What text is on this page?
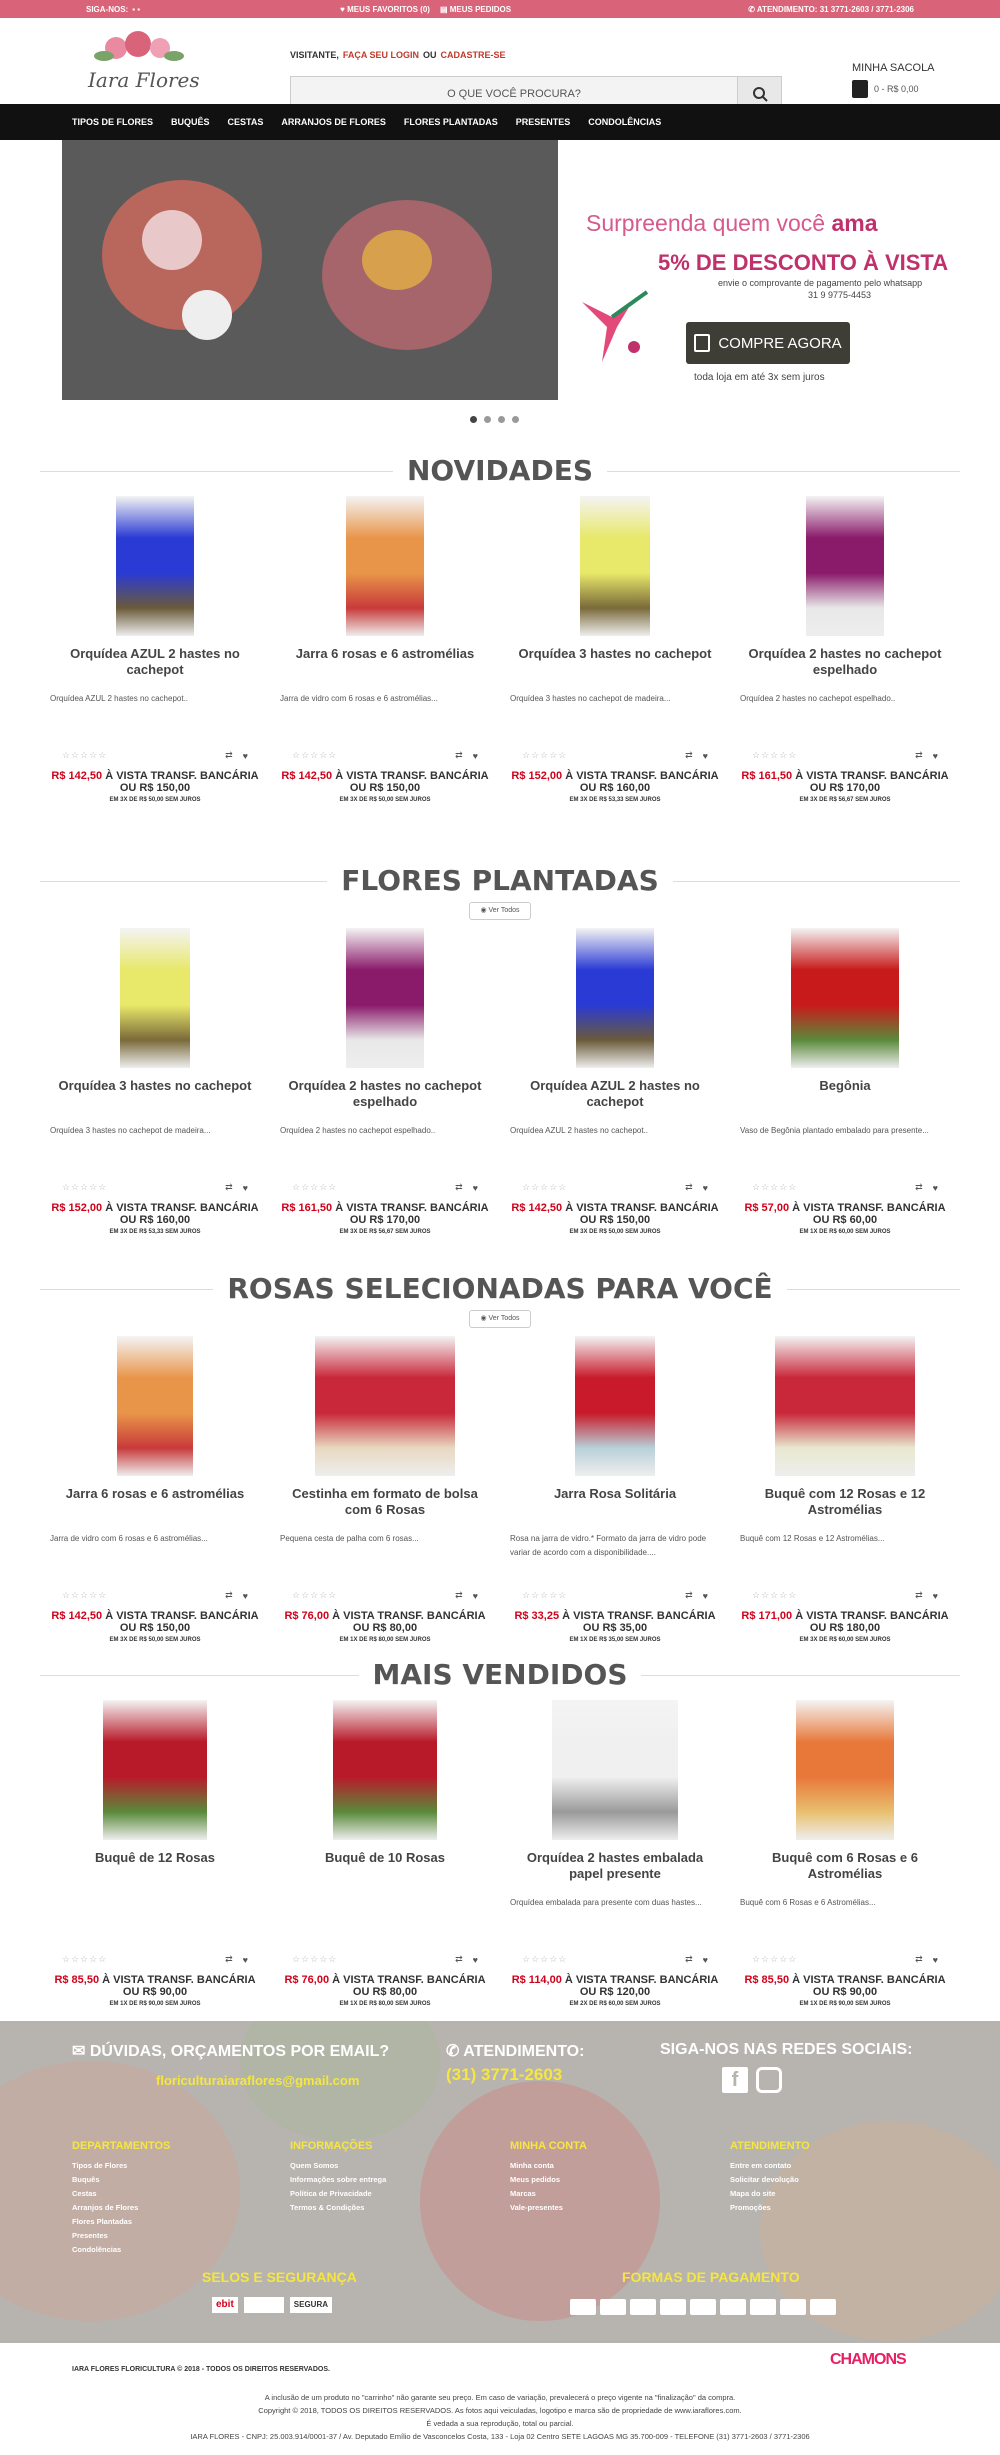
SIGA-NOS: ▪ ▪	♥ MEUS FAVORITOS (0) ▤ MEUS PEDIDOS	✆ ATENDIMENTO: 31 3771-2603 / 3771-2306
Iara Flores
VISITANTE, FAÇA SEU LOGIN OU CADASTRE-SE
O QUE VOCÊ PROCURA?
MINHA SACOLA
0 - R$ 0,00
TIPOS DE FLORES BUQUÊS CESTAS ARRANJOS DE FLORES FLORES PLANTADAS PRESENTES CONDOLÊNCIAS
Surpreenda quem você ama
5% DE DESCONTO À VISTA
envie o comprovante de pagamento pelo whatsapp
31 9 9775-4453
COMPRE AGORA
toda loja em até 3x sem juros
NOVIDADES
Orquídea AZUL 2 hastes no cachepot
Orquídea AZUL 2 hastes no cachepot..
☆☆☆☆☆	⇄ ♥
R$ 142,50 À VISTA TRANSF. BANCÁRIA
OU R$ 150,00
EM 3X DE R$ 50,00 SEM JUROS
Jarra 6 rosas e 6 astromélias
Jarra de vidro com 6 rosas e 6 astromélias...
☆☆☆☆☆	⇄ ♥
R$ 142,50 À VISTA TRANSF. BANCÁRIA
OU R$ 150,00
EM 3X DE R$ 50,00 SEM JUROS
Orquídea 3 hastes no cachepot
Orquídea 3 hastes no cachepot de madeira...
☆☆☆☆☆	⇄ ♥
R$ 152,00 À VISTA TRANSF. BANCÁRIA
OU R$ 160,00
EM 3X DE R$ 53,33 SEM JUROS
Orquídea 2 hastes no cachepot espelhado
Orquídea 2 hastes no cachepot espelhado..
☆☆☆☆☆	⇄ ♥
R$ 161,50 À VISTA TRANSF. BANCÁRIA
OU R$ 170,00
EM 3X DE R$ 56,67 SEM JUROS
FLORES PLANTADAS
◉ Ver Todos
Orquídea 3 hastes no cachepot
Orquídea 3 hastes no cachepot de madeira...
☆☆☆☆☆	⇄ ♥
R$ 152,00 À VISTA TRANSF. BANCÁRIA
OU R$ 160,00
EM 3X DE R$ 53,33 SEM JUROS
Orquídea 2 hastes no cachepot espelhado
Orquídea 2 hastes no cachepot espelhado..
☆☆☆☆☆	⇄ ♥
R$ 161,50 À VISTA TRANSF. BANCÁRIA
OU R$ 170,00
EM 3X DE R$ 56,67 SEM JUROS
Orquídea AZUL 2 hastes no cachepot
Orquídea AZUL 2 hastes no cachepot..
☆☆☆☆☆	⇄ ♥
R$ 142,50 À VISTA TRANSF. BANCÁRIA
OU R$ 150,00
EM 3X DE R$ 50,00 SEM JUROS
Begônia
Vaso de Begônia plantado embalado para presente...
☆☆☆☆☆	⇄ ♥
R$ 57,00 À VISTA TRANSF. BANCÁRIA
OU R$ 60,00
EM 1X DE R$ 60,00 SEM JUROS
ROSAS SELECIONADAS PARA VOCÊ
◉ Ver Todos
Jarra 6 rosas e 6 astromélias
Jarra de vidro com 6 rosas e 6 astromélias...
☆☆☆☆☆	⇄ ♥
R$ 142,50 À VISTA TRANSF. BANCÁRIA
OU R$ 150,00
EM 3X DE R$ 50,00 SEM JUROS
Cestinha em formato de bolsa com 6 Rosas
Pequena cesta de palha com 6 rosas...
☆☆☆☆☆	⇄ ♥
R$ 76,00 À VISTA TRANSF. BANCÁRIA
OU R$ 80,00
EM 1X DE R$ 80,00 SEM JUROS
Jarra Rosa Solitária
Rosa na jarra de vidro.* Formato da jarra de vidro pode variar de acordo com a disponibilidade....
☆☆☆☆☆	⇄ ♥
R$ 33,25 À VISTA TRANSF. BANCÁRIA
OU R$ 35,00
EM 1X DE R$ 35,00 SEM JUROS
Buquê com 12 Rosas e 12 Astromélias
Buquê com 12 Rosas e 12 Astromélias...
☆☆☆☆☆	⇄ ♥
R$ 171,00 À VISTA TRANSF. BANCÁRIA
OU R$ 180,00
EM 3X DE R$ 60,00 SEM JUROS
MAIS VENDIDOS
Buquê de 12 Rosas
☆☆☆☆☆	⇄ ♥
R$ 85,50 À VISTA TRANSF. BANCÁRIA
OU R$ 90,00
EM 1X DE R$ 90,00 SEM JUROS
Buquê de 10 Rosas
☆☆☆☆☆	⇄ ♥
R$ 76,00 À VISTA TRANSF. BANCÁRIA
OU R$ 80,00
EM 1X DE R$ 80,00 SEM JUROS
Orquídea 2 hastes embalada papel presente
Orquídea embalada para presente com duas hastes...
☆☆☆☆☆	⇄ ♥
R$ 114,00 À VISTA TRANSF. BANCÁRIA
OU R$ 120,00
EM 2X DE R$ 60,00 SEM JUROS
Buquê com 6 Rosas e 6 Astromélias
Buquê com 6 Rosas e 6 Astromélias...
☆☆☆☆☆	⇄ ♥
R$ 85,50 À VISTA TRANSF. BANCÁRIA
OU R$ 90,00
EM 1X DE R$ 90,00 SEM JUROS
✉ DÚVIDAS, ORÇAMENTOS POR EMAIL?
floriculturaiaraflores@gmail.com
✆ ATENDIMENTO:
(31) 3771-2603
SIGA-NOS NAS REDES SOCIAIS:
f
DEPARTAMENTOS
Tipos de Flores
Buquês
Cestas
Arranjos de Flores
Flores Plantadas
Presentes
Condolências
INFORMAÇÕES
Quem Somos
Informações sobre entrega
Política de Privacidade
Termos & Condições
MINHA CONTA
Minha conta
Meus pedidos
Marcas
Vale-presentes
ATENDIMENTO
Entre em contato
Solicitar devolução
Mapa do site
Promoções
SELOS E SEGURANÇA
ebit	SEGURA
FORMAS DE PAGAMENTO
IARA FLORES FLORICULTURA © 2018 - TODOS OS DIREITOS RESERVADOS.
CHAMONS
A inclusão de um produto no "carrinho" não garante seu preço. Em caso de variação, prevalecerá o preço vigente na "finalização" da compra.
Copyright © 2018, TODOS OS DIREITOS RESERVADOS. As fotos aqui veiculadas, logotipo e marca são de propriedade de www.iaraflores.com.
É vedada a sua reprodução, total ou parcial.
IARA FLORES - CNPJ: 25.003.914/0001-37 / Av. Deputado Emílio de Vasconcelos Costa, 133 - Loja 02 Centro SETE LAGOAS MG 35.700-009 - TELEFONE (31) 3771-2603 / 3771-2306
